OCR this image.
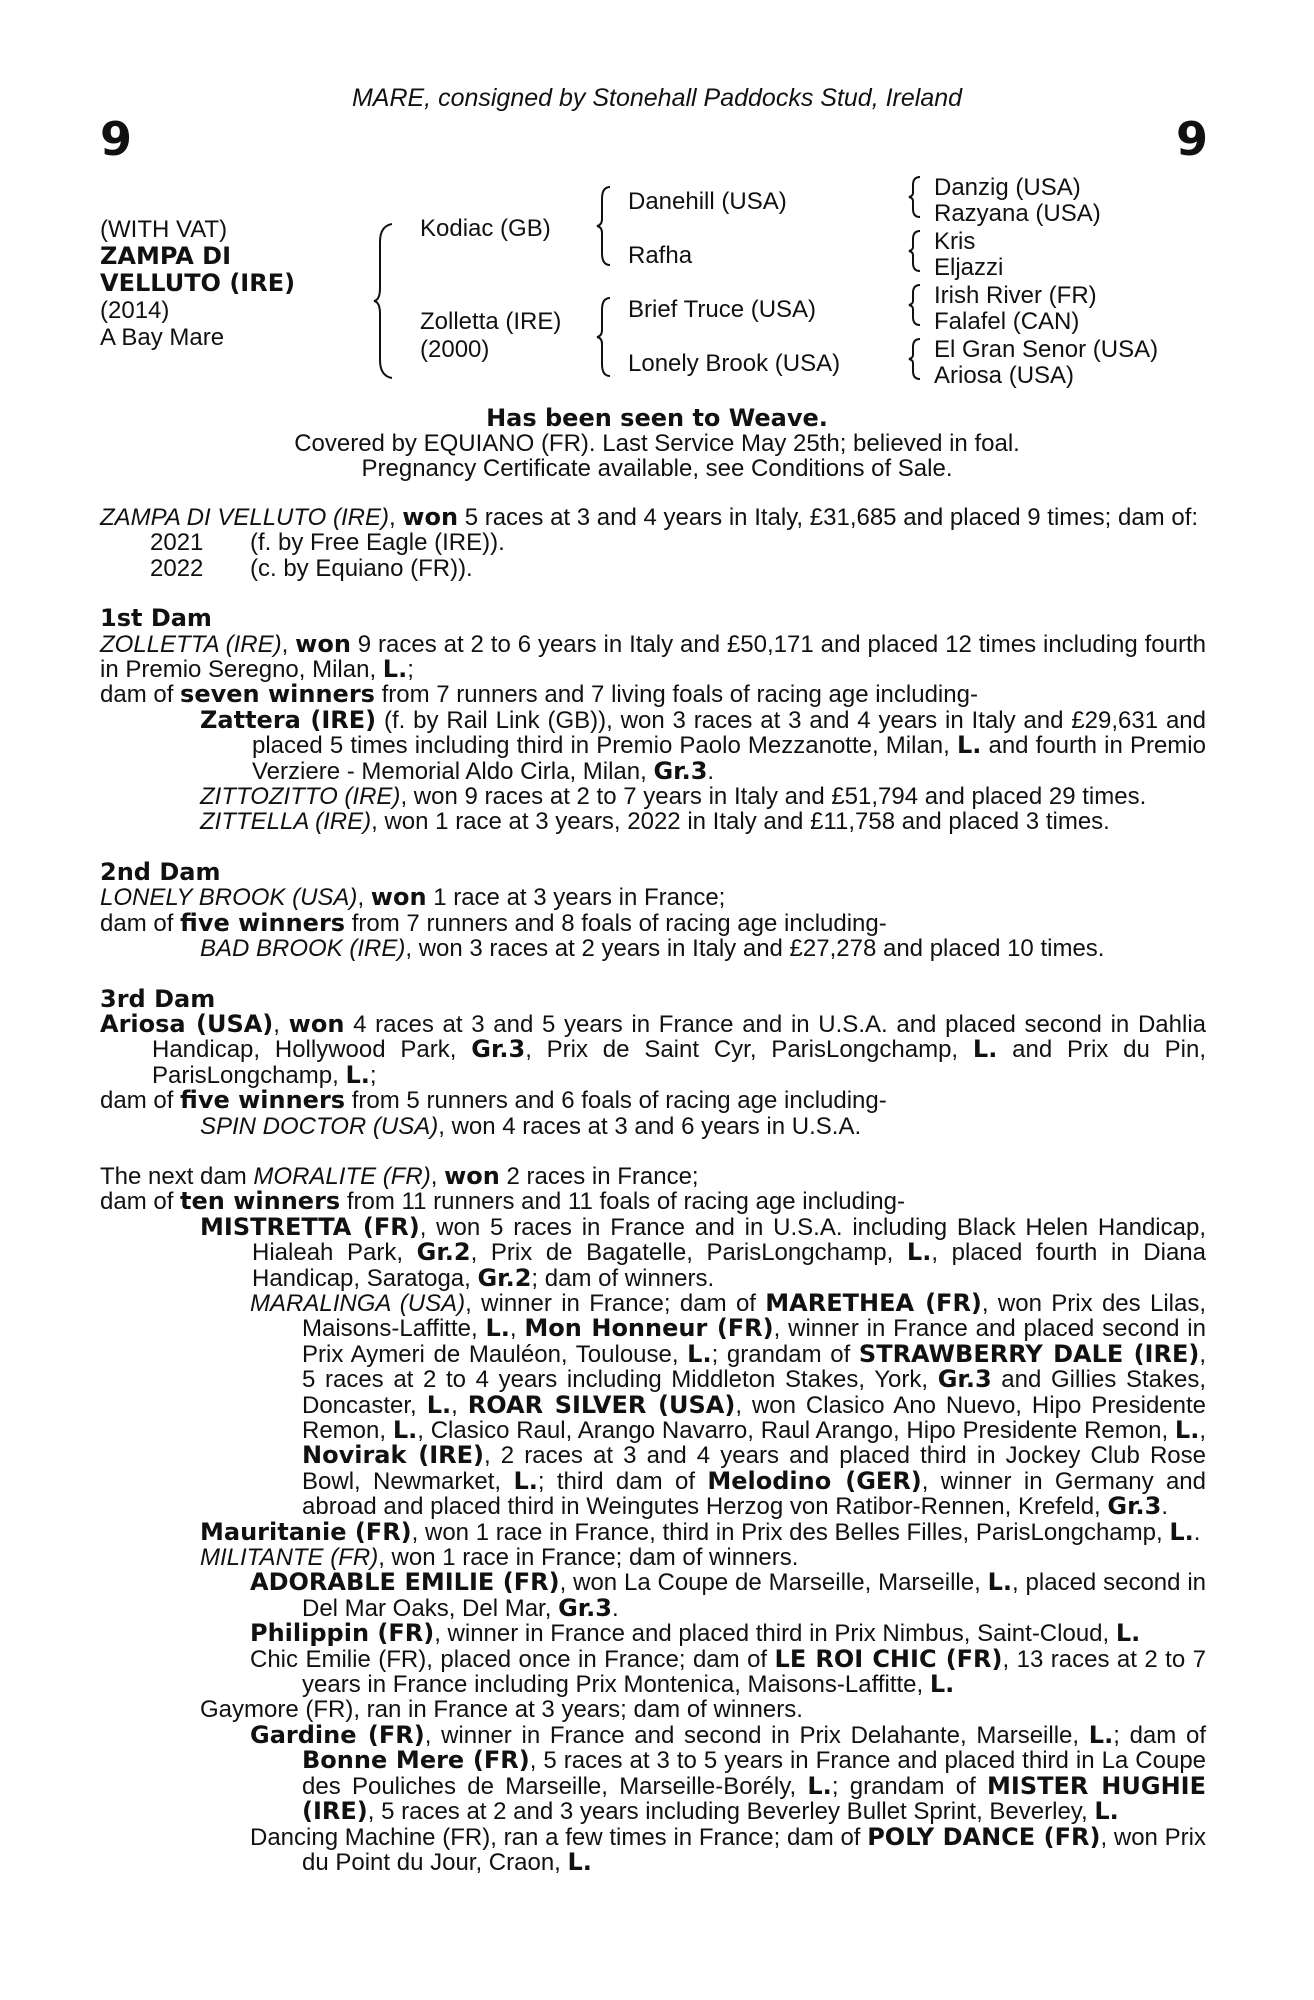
MARE, consigned by Stonehall Paddocks Stud, Ireland
9	9
(WITH VAT)
ZAMPA DI
VELLUTO (IRE)
(2014)
A Bay Mare
Kodiac (GB)
Zolletta (IRE)
(2000)
Danehill (USA)
Rafha
Brief Truce (USA)
Lonely Brook (USA)
Danzig (USA)
Razyana (USA)
Kris
Eljazzi
Irish River (FR)
Falafel (CAN)
El Gran Senor (USA)
Ariosa (USA)
Has been seen to Weave.
Covered by EQUIANO (FR). Last Service May 25th; believed in foal.
Pregnancy Certificate available, see Conditions of Sale.

ZAMPA DI VELLUTO (IRE), won 5 races at 3 and 4 years in Italy, £31,685 and placed 9 times; dam of:

2021 (f. by Free Eagle (IRE)).
2022 (c. by Equiano (FR)).
1st Dam

ZOLLETTA (IRE), won 9 races at 2 to 6 years in Italy and £50,171 and placed 12 times including fourth in Premio Seregno, Milan, L.;

dam of seven winners from 7 runners and 7 living foals of racing age including-

Zattera (IRE) (f. by Rail Link (GB)), won 3 races at 3 and 4 years in Italy and £29,631 and placed 5 times including third in Premio Paolo Mezzanotte, Milan, L. and fourth in Premio Verziere - Memorial Aldo Cirla, Milan, Gr.3.

ZITTOZITTO (IRE), won 9 races at 2 to 7 years in Italy and £51,794 and placed 29 times.

ZITTELLA (IRE), won 1 race at 3 years, 2022 in Italy and £11,758 and placed 3 times.

2nd Dam

LONELY BROOK (USA), won 1 race at 3 years in France;

dam of five winners from 7 runners and 8 foals of racing age including-

BAD BROOK (IRE), won 3 races at 2 years in Italy and £27,278 and placed 10 times.

3rd Dam

Ariosa (USA), won 4 races at 3 and 5 years in France and in U.S.A. and placed second in Dahlia Handicap, Hollywood Park, Gr.3, Prix de Saint Cyr, ParisLongchamp, L. and Prix du Pin, ParisLongchamp, L.;

dam of five winners from 5 runners and 6 foals of racing age including-

SPIN DOCTOR (USA), won 4 races at 3 and 6 years in U.S.A.

The next dam MORALITE (FR), won 2 races in France;

dam of ten winners from 11 runners and 11 foals of racing age including-

MISTRETTA (FR), won 5 races in France and in U.S.A. including Black Helen Handicap, Hialeah Park, Gr.2, Prix de Bagatelle, ParisLongchamp, L., placed fourth in Diana Handicap, Saratoga, Gr.2; dam of winners.

MARALINGA (USA), winner in France; dam of MARETHEA (FR), won Prix des Lilas, Maisons-Laffitte, L., Mon Honneur (FR), winner in France and placed second in Prix Aymeri de Mauléon, Toulouse, L.; grandam of STRAWBERRY DALE (IRE), 5 races at 2 to 4 years including Middleton Stakes, York, Gr.3 and Gillies Stakes, Doncaster, L., ROAR SILVER (USA), won Clasico Ano Nuevo, Hipo Presidente Remon, L., Clasico Raul, Arango Navarro, Raul Arango, Hipo Presidente Remon, L., Novirak (IRE), 2 races at 3 and 4 years and placed third in Jockey Club Rose Bowl, Newmarket, L.; third dam of Melodino (GER), winner in Germany and abroad and placed third in Weingutes Herzog von Ratibor-Rennen, Krefeld, Gr.3.

Mauritanie (FR), won 1 race in France, third in Prix des Belles Filles, ParisLongchamp, L..

MILITANTE (FR), won 1 race in France; dam of winners.

ADORABLE EMILIE (FR), won La Coupe de Marseille, Marseille, L., placed second in Del Mar Oaks, Del Mar, Gr.3.

Philippin (FR), winner in France and placed third in Prix Nimbus, Saint-Cloud, L.

Chic Emilie (FR), placed once in France; dam of LE ROI CHIC (FR), 13 races at 2 to 7 years in France including Prix Montenica, Maisons-Laffitte, L.

Gaymore (FR), ran in France at 3 years; dam of winners.

Gardine (FR), winner in France and second in Prix Delahante, Marseille, L.; dam of Bonne Mere (FR), 5 races at 3 to 5 years in France and placed third in La Coupe des Pouliches de Marseille, Marseille-Borély, L.; grandam of MISTER HUGHIE (IRE), 5 races at 2 and 3 years including Beverley Bullet Sprint, Beverley, L.

Dancing Machine (FR), ran a few times in France; dam of POLY DANCE (FR), won Prix du Point du Jour, Craon, L.
